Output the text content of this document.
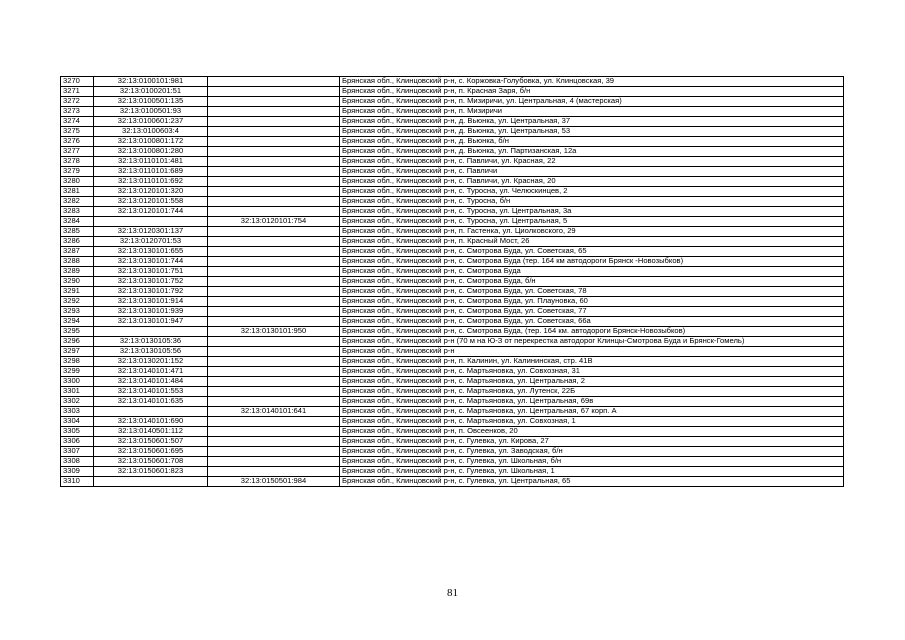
3270	32:13:0100101:981		Брянская обл., Клинцовский р-н, с. Коржовка-Голубовка, ул. Клинцовская, 39
3271	32:13:0100201:51		Брянская обл., Клинцовский р-н, п. Красная Заря, б/н
3272	32:13:0100501:135		Брянская обл., Клинцовский р-н, п. Мизиричи, ул. Центральная, 4 (мастерская)
3273	32:13:0100501:93		Брянская обл., Клинцовский р-н, п. Мизиричи
3274	32:13:0100601:237		Брянская обл., Клинцовский р-н, д. Вьюнка, ул. Центральная, 37
3275	32:13:0100603:4		Брянская обл., Клинцовский р-н, д. Вьюнка, ул. Центральная, 53
3276	32:13:0100801:172		Брянская обл., Клинцовский р-н, д. Вьюнка, б/н
3277	32:13:0100801:280		Брянская обл., Клинцовский р-н, д. Вьюнка, ул. Партизанская, 12а
3278	32:13:0110101:481		Брянская обл., Клинцовский р-н, с. Павличи, ул. Красная, 22
3279	32:13:0110101:689		Брянская обл., Клинцовский р-н, с. Павличи
3280	32:13:0110101:692		Брянская обл., Клинцовский р-н, с. Павличи, ул. Красная, 20
3281	32:13:0120101:320		Брянская обл., Клинцовский р-н, с. Туросна, ул. Челюскинцев, 2
3282	32:13:0120101:558		Брянская обл., Клинцовский р-н, с. Туросна, б/н
3283	32:13:0120101:744		Брянская обл., Клинцовский р-н, с. Туросна, ул. Центральная, 3а
3284		32:13:0120101:754	Брянская обл., Клинцовский р-н, с. Туросна, ул. Центральная, 5
3285	32:13:0120301:137		Брянская обл., Клинцовский р-н, п. Гастенка, ул. Циолковского, 29
3286	32:13:0120701:53		Брянская обл., Клинцовский р-н, п. Красный Мост, 26
3287	32:13:0130101:655		Брянская обл., Клинцовский р-н, с. Смотрова Буда, ул. Советская, 65
3288	32:13:0130101:744		Брянская обл., Клинцовский р-н, с. Смотрова Буда (тер. 164 км автодороги Брянск -Новозыбков)
3289	32:13:0130101:751		Брянская обл., Клинцовский р-н, с. Смотрова Буда
3290	32:13:0130101:752		Брянская обл., Клинцовский р-н, с. Смотрова Буда, б/н
3291	32:13:0130101:792		Брянская обл., Клинцовский р-н, с. Смотрова Буда, ул. Советская, 78
3292	32:13:0130101:914		Брянская обл., Клинцовский р-н, с. Смотрова Буда, ул. Плауновка, 60
3293	32:13:0130101:939		Брянская обл., Клинцовский р-н, с. Смотрова Буда, ул. Советская, 77
3294	32:13:0130101:947		Брянская обл., Клинцовский р-н, с. Смотрова Буда, ул. Советская, 66а
3295		32:13:0130101:950	Брянская обл., Клинцовский р-н, с. Смотрова Буда, (тер. 164 км. автодороги Брянск-Новозыбков)
3296	32:13:0130105:36		Брянская обл., Клинцовский р-н (70 м на Ю-З от перекрестка автодорог Клинцы-Смотрова Буда и Брянск-Гомель)
3297	32:13:0130105:56		Брянская обл., Клинцовский р-н
3298	32:13:0130201:152		Брянская обл., Клинцовский р-н, п. Калинин, ул. Калининская, стр. 41В
3299	32:13:0140101:471		Брянская обл., Клинцовский р-н, с. Мартьяновка, ул. Совхозная, 31
3300	32:13:0140101:484		Брянская обл., Клинцовский р-н, с. Мартьяновка, ул. Центральная, 2
3301	32:13:0140101:553		Брянская обл., Клинцовский р-н, с. Мартьяновка, ул. Лутенск, 22Б
3302	32:13:0140101:635		Брянская обл., Клинцовский р-н, с. Мартьяновка, ул. Центральная, 69в
3303		32:13:0140101:641	Брянская обл., Клинцовский р-н, с. Мартьяновка, ул. Центральная, 67 корп. А
3304	32:13:0140101:690		Брянская обл., Клинцовский р-н, с. Мартьяновка, ул. Совхозная, 1
3305	32:13:0140501:112		Брянская обл., Клинцовский р-н, п. Овсеенков, 20
3306	32:13:0150601:507		Брянская обл., Клинцовский р-н, с. Гулевка, ул. Кирова, 27
3307	32:13:0150601:695		Брянская обл., Клинцовский р-н, с. Гулевка, ул. Заводская, б/н
3308	32:13:0150601:708		Брянская обл., Клинцовский р-н, с. Гулевка, ул. Школьная, б/н
3309	32:13:0150601:823		Брянская обл., Клинцовский р-н, с. Гулевка, ул. Школьная, 1
3310		32:13:0150501:984	Брянская обл., Клинцовский р-н, с. Гулевка, ул. Центральная, 65
81
